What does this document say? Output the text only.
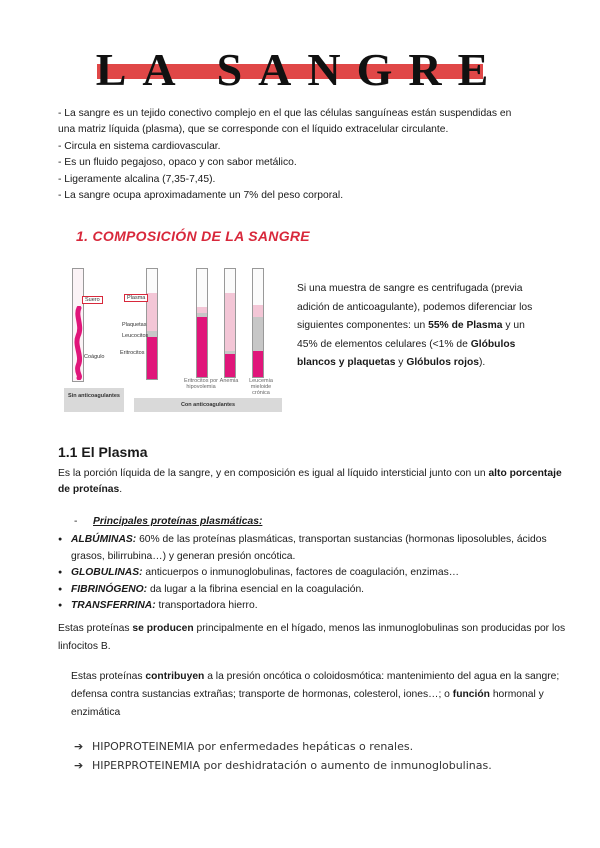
LA SANGRE

- La sangre es un tejido conectivo complejo en el que las células sanguíneas están suspendidas en

una matriz líquida (plasma), que se corresponde con el líquido extracelular circulante.

- Circula en sistema cardiovascular.

- Es un fluido pegajoso, opaco y con sabor metálico.

- Ligeramente alcalina (7,35-7,45).

- La sangre ocupa aproximadamente un 7% del peso corporal.

1. COMPOSICIÓN DE LA SANGRE
Suero
Coágulo
Sin anticoagulantes
Plasma
Plaquetas
Leucocitos
Eritrocitos
Eritrocitos por hipovolemia
Anemia	Leucemia mieloide crónica
Con anticoagulantes

Si una muestra de sangre es centrifugada (previa adición de anticoagulante), podemos diferenciar los siguientes componentes: un 55% de Plasma y un 45% de elementos celulares (<1% de Glóbulos blancos y plaquetas y Glóbulos rojos).

1.1 El Plasma

Es la porción líquida de la sangre, y en composición es igual al líquido intersticial junto con un alto porcentaje de proteínas.

- Principales proteínas plasmáticas:

● ALBÚMINAS: 60% de las proteínas plasmáticas, transportan sustancias (hormonas liposolubles, ácidos grasos, bilirrubina…) y generan presión oncótica.

● GLOBULINAS: anticuerpos o inmunoglobulinas, factores de coagulación, enzimas…

● FIBRINÓGENO: da lugar a la fibrina esencial en la coagulación.

● TRANSFERRINA: transportadora hierro.

Estas proteínas se producen principalmente en el hígado, menos las inmunoglobulinas son producidas por los linfocitos B.

Estas proteínas contribuyen a la presión oncótica o coloidosmótica: mantenimiento del agua en la sangre; defensa contra sustancias extrañas; transporte de hormonas, colesterol, iones…; o función hormonal y enzimática

➔ HIPOPROTEINEMIA por enfermedades hepáticas o renales.

➔ HIPERPROTEINEMIA por deshidratación o aumento de inmunoglobulinas.
